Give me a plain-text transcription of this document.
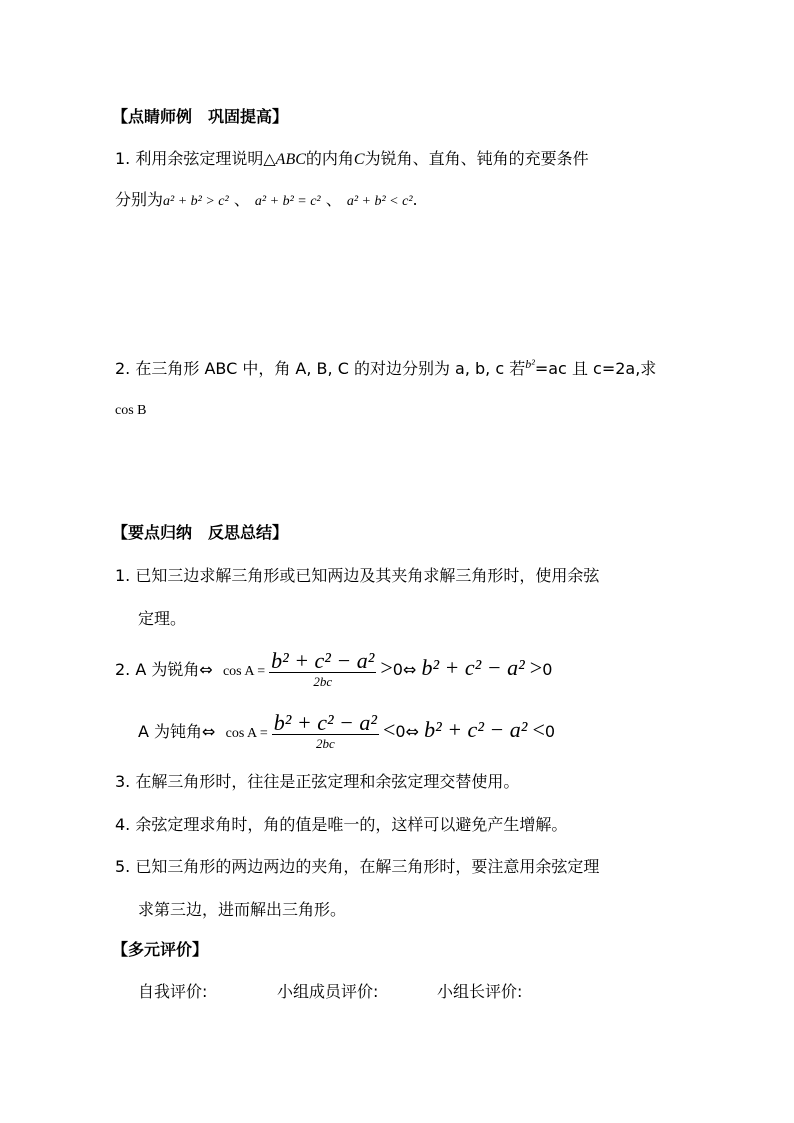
【点睛师例　巩固提高】
1. 利用余弦定理说明△ABC的内角C为锐角、直角、钝角的充要条件
分别为a² + b² > c² 、 a² + b² = c² 、 a² + b² < c².
2. 在三角形 ABC 中，角 A, B, C 的对边分别为 a, b, c 若$^{b^2}$=ac 且 c=2a,求
cos B
【要点归纳　反思总结】
1. 已知三边求解三角形或已知两边及其夹角求解三角形时，使用余弦
定理。
2. A 为锐角⇔ $\cos A = \frac{\text{b² + c² − a²}}{2bc}$ >0⇔ b² + c² − a² >0
A 为钝角⇔ $\cos A = \frac{\text{b² + c² − a²}}{2bc}$ <0⇔ b² + c² − a² <0
3. 在解三角形时，往往是正弦定理和余弦定理交替使用。
4. 余弦定理求角时，角的值是唯一的，这样可以避免产生增解。
5. 已知三角形的两边两边的夹角，在解三角形时，要注意用余弦定理
求第三边，进而解出三角形。
【多元评价】
自我评价:	小组成员评价:	小组长评价:
